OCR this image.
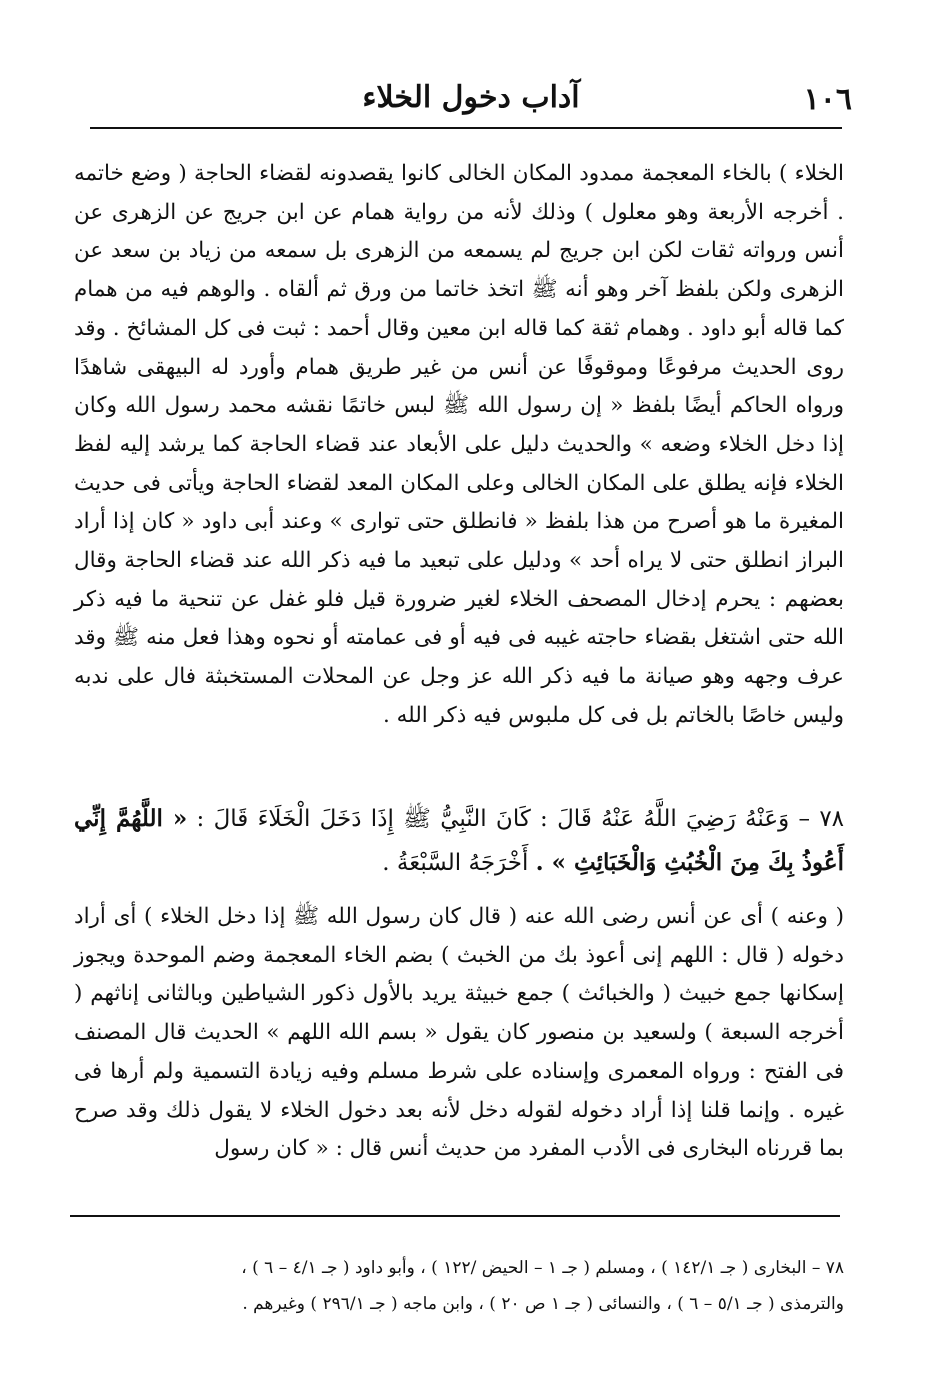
١٠٦
آداب دخول الخلاء
الخلاء ) بالخاء المعجمة ممدود المكان الخالى كانوا يقصدونه لقضاء الحاجة ( وضع خاتمه . أخرجه الأربعة وهو معلول ) وذلك لأنه من رواية همام عن ابن جريج عن الزهرى عن أنس ورواته ثقات لكن ابن جريج لم يسمعه من الزهرى بل سمعه من زياد بن سعد عن الزهرى ولكن بلفظ آخر وهو أنه ﷺ اتخذ خاتما من ورق ثم ألقاه . والوهم فيه من همام كما قاله أبو داود . وهمام ثقة كما قاله ابن معين وقال أحمد : ثبت فى كل المشائخ . وقد روى الحديث مرفوعًا وموقوفًا عن أنس من غير طريق همام وأورد له البيهقى شاهدًا ورواه الحاكم أيضًا بلفظ « إن رسول الله ﷺ لبس خاتمًا نقشه محمد رسول الله وكان إذا دخل الخلاء وضعه » والحديث دليل على الأبعاد عند قضاء الحاجة كما يرشد إليه لفظ الخلاء فإنه يطلق على المكان الخالى وعلى المكان المعد لقضاء الحاجة ويأتى فى حديث المغيرة ما هو أصرح من هذا بلفظ « فانطلق حتى توارى » وعند أبى داود « كان إذا أراد البراز انطلق حتى لا يراه أحد » ودليل على تبعيد ما فيه ذكر الله عند قضاء الحاجة وقال بعضهم : يحرم إدخال المصحف الخلاء لغير ضرورة قيل فلو غفل عن تنحية ما فيه ذكر الله حتى اشتغل بقضاء حاجته غيبه فى فيه أو فى عمامته أو نحوه وهذا فعل منه ﷺ وقد عرف وجهه وهو صيانة ما فيه ذكر الله عز وجل عن المحلات المستخبثة فال على ندبه وليس خاصًا بالخاتم بل فى كل ملبوس فيه ذكر الله .
٧٨ – وَعَنْهُ رَضِيَ اللَّهُ عَنْهُ قَالَ : كَانَ النَّبِيُّ ﷺ إِذَا دَخَلَ الْخَلَاءَ قَالَ : « اللَّهُمَّ إِنِّي أَعُوذُ بِكَ مِنَ الْخُبُثِ وَالْخَبَائِثِ » . أَخْرَجَهُ السَّبْعَةُ .
( وعنه ) أى عن أنس رضى الله عنه ( قال كان رسول الله ﷺ إذا دخل الخلاء ) أى أراد دخوله ( قال : اللهم إنى أعوذ بك من الخبث ) بضم الخاء المعجمة وضم الموحدة ويجوز إسكانها جمع خبيث ( والخبائث ) جمع خبيثة يريد بالأول ذكور الشياطين وبالثانى إناثهم ( أخرجه السبعة ) ولسعيد بن منصور كان يقول « بسم الله اللهم » الحديث قال المصنف فى الفتح : ورواه المعمرى وإسناده على شرط مسلم وفيه زيادة التسمية ولم أرها فى غيره . وإنما قلنا إذا أراد دخوله لقوله دخل لأنه بعد دخول الخلاء لا يقول ذلك وقد صرح بما قررناه البخارى فى الأدب المفرد من حديث أنس قال : « كان رسول
٧٨ – البخارى ( جـ ١٤٢/١ ) ، ومسلم ( جـ ١ – الحيض /١٢٢ ) ، وأبو داود ( جـ ٤/١ – ٦ ) ،
والترمذى ( جـ ٥/١ – ٦ ) ، والنسائى ( جـ ١ ص ٢٠ ) ، وابن ماجه ( جـ ٢٩٦/١ ) وغيرهم .
